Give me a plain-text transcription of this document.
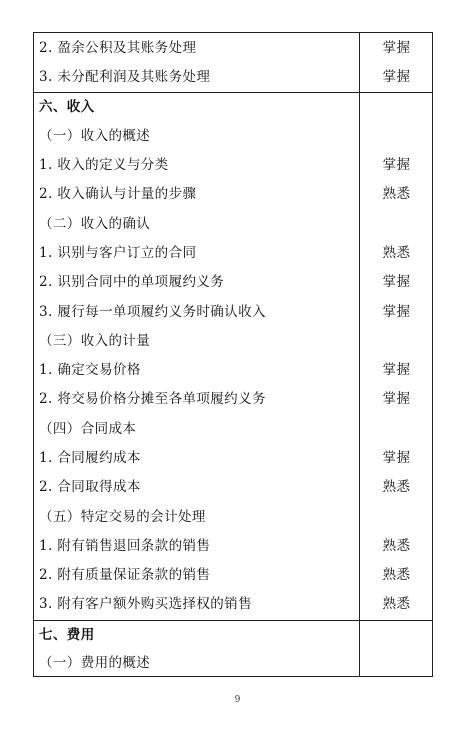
2. 盈余公积及其账务处理	掌握
3. 未分配利润及其账务处理	掌握
六、收入
（一）收入的概述
1. 收入的定义与分类	掌握
2. 收入确认与计量的步骤	熟悉
（二）收入的确认
1. 识别与客户订立的合同	熟悉
2. 识别合同中的单项履约义务	掌握
3. 履行每一单项履约义务时确认收入	掌握
（三）收入的计量
1. 确定交易价格	掌握
2. 将交易价格分摊至各单项履约义务	掌握
（四）合同成本
1. 合同履约成本	掌握
2. 合同取得成本	熟悉
（五）特定交易的会计处理
1. 附有销售退回条款的销售	熟悉
2. 附有质量保证条款的销售	熟悉
3. 附有客户额外购买选择权的销售	熟悉
七、费用
（一）费用的概述
9
